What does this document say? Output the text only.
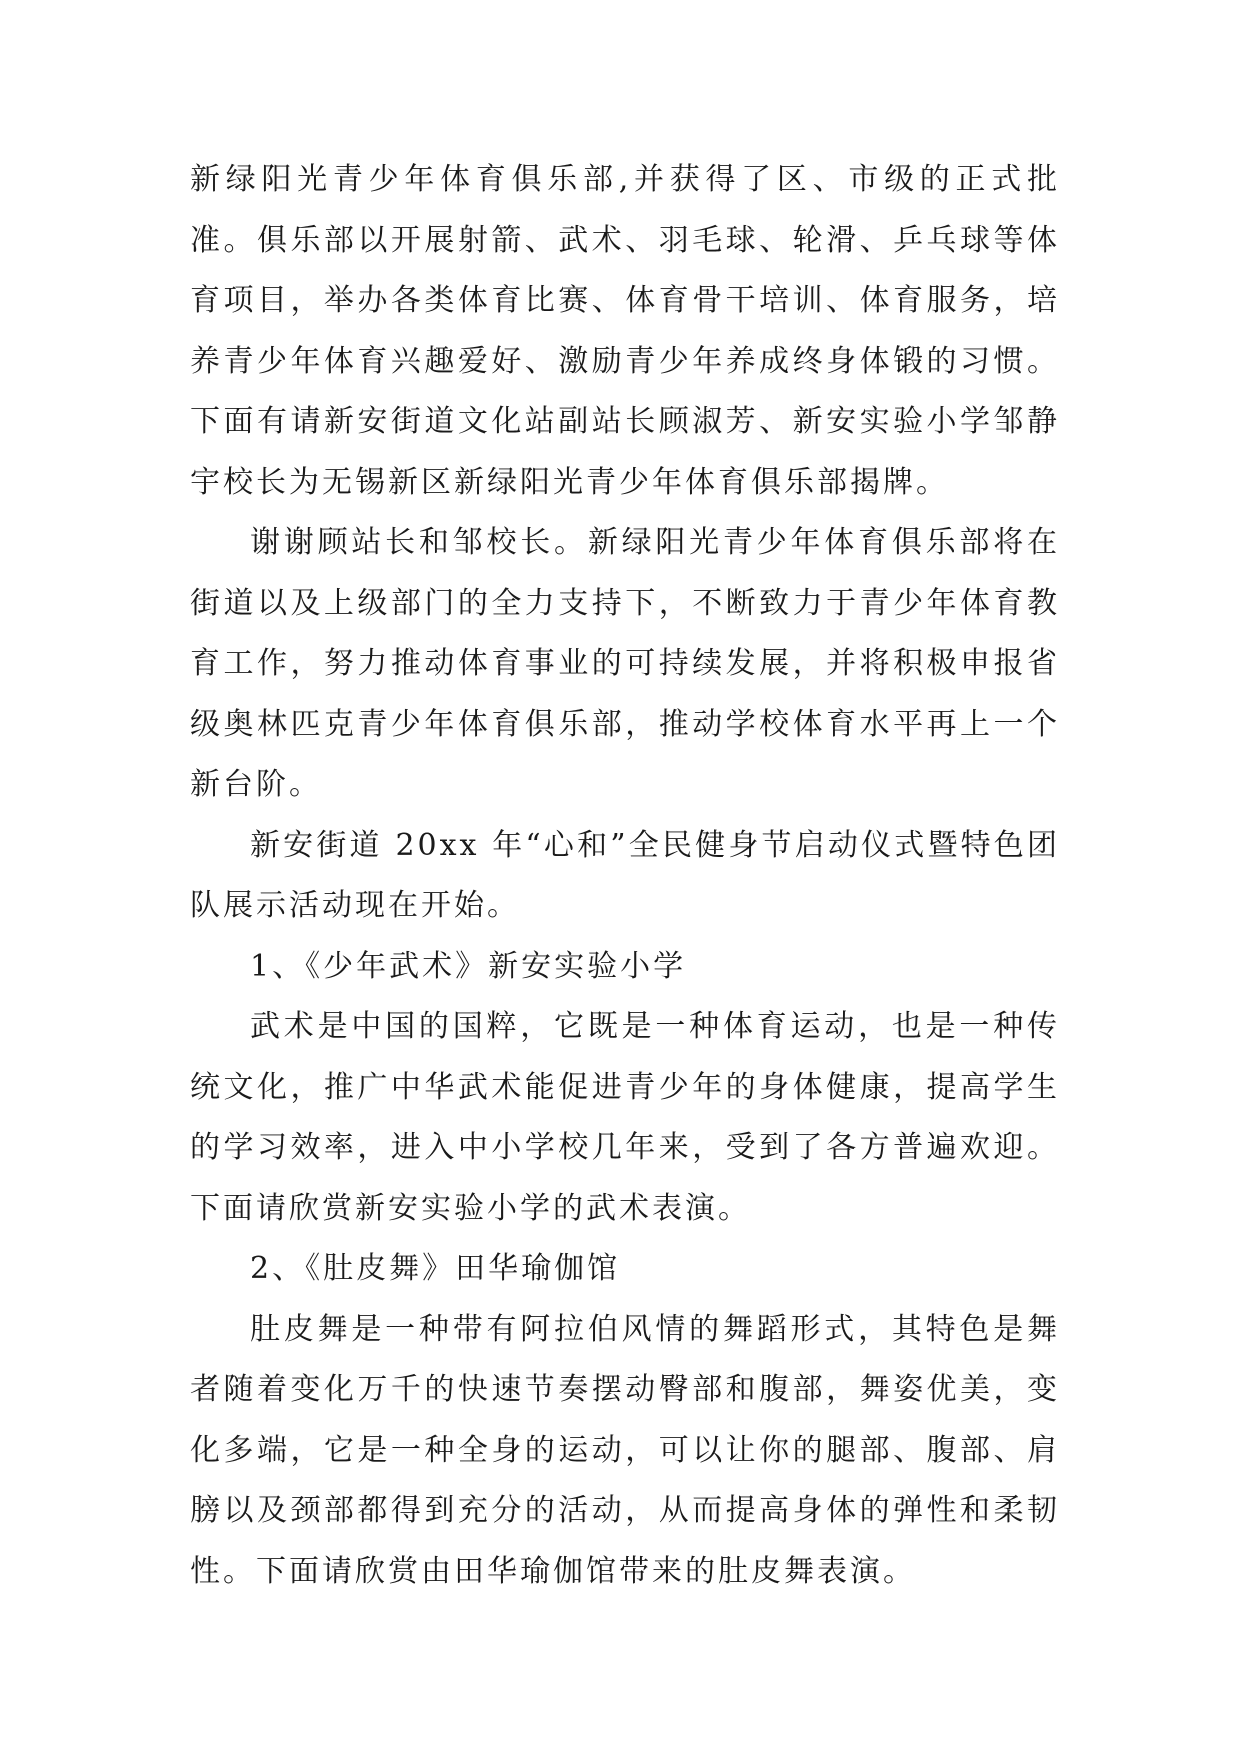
新绿阳光青少年体育俱乐部,并获得了区、市级的正式批准。俱乐部以开展射箭、武术、羽毛球、轮滑、乒乓球等体育项目，举办各类体育比赛、体育骨干培训、体育服务，培养青少年体育兴趣爱好、激励青少年养成终身体锻的习惯。下面有请新安街道文化站副站长顾淑芳、新安实验小学邹静宇校长为无锡新区新绿阳光青少年体育俱乐部揭牌。

谢谢顾站长和邹校长。新绿阳光青少年体育俱乐部将在街道以及上级部门的全力支持下，不断致力于青少年体育教育工作，努力推动体育事业的可持续发展，并将积极申报省级奥林匹克青少年体育俱乐部，推动学校体育水平再上一个新台阶。

新安街道 20xx 年“心和”全民健身节启动仪式暨特色团队展示活动现在开始。

1、《少年武术》新安实验小学

武术是中国的国粹，它既是一种体育运动，也是一种传统文化，推广中华武术能促进青少年的身体健康，提高学生的学习效率，进入中小学校几年来，受到了各方普遍欢迎。下面请欣赏新安实验小学的武术表演。

2、《肚皮舞》田华瑜伽馆

肚皮舞是一种带有阿拉伯风情的舞蹈形式，其特色是舞者随着变化万千的快速节奏摆动臀部和腹部，舞姿优美，变化多端，它是一种全身的运动，可以让你的腿部、腹部、肩膀以及颈部都得到充分的活动，从而提高身体的弹性和柔韧性。下面请欣赏由田华瑜伽馆带来的肚皮舞表演。
